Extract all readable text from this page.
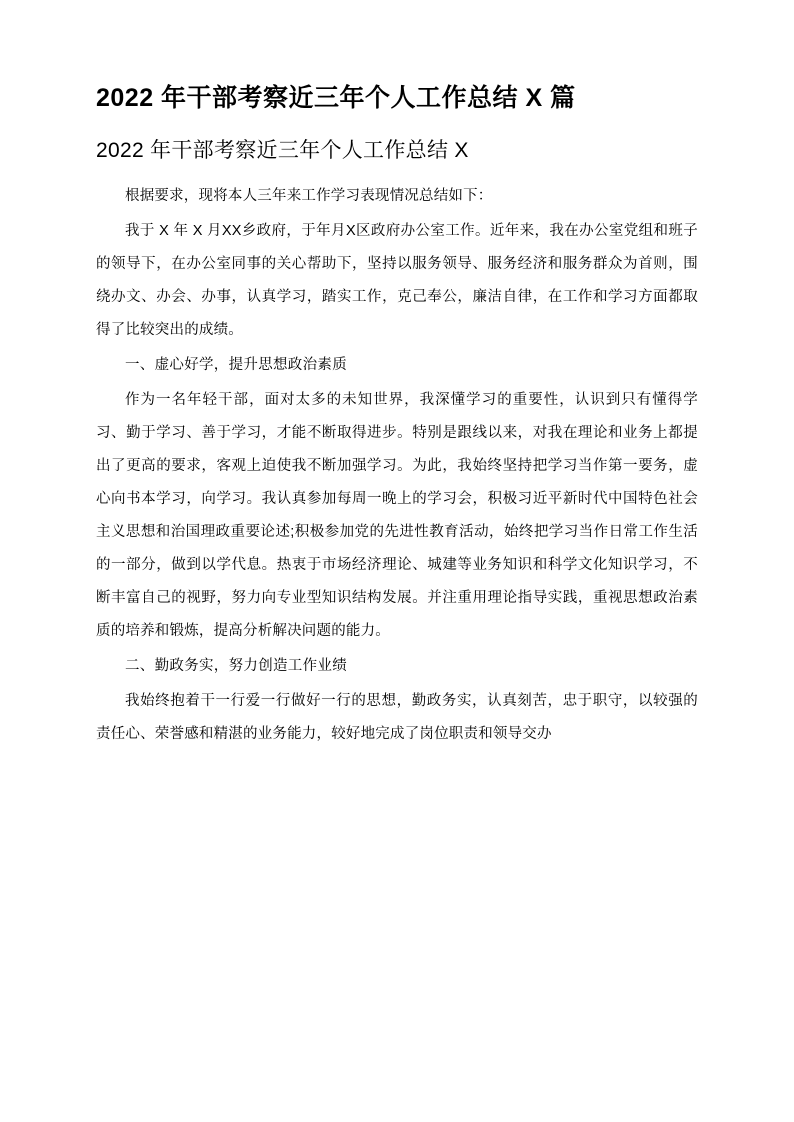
2022 年干部考察近三年个人工作总结 X 篇
2022 年干部考察近三年个人工作总结 X

根据要求，现将本人三年来工作学习表现情况总结如下：

我于 X 年 X 月XX乡政府，于年月X区政府办公室工作。近年来，我在办公室党组和班子的领导下，在办公室同事的关心帮助下，坚持以服务领导、服务经济和服务群众为首则，围绕办文、办会、办事，认真学习，踏实工作，克己奉公，廉洁自律，在工作和学习方面都取得了比较突出的成绩。

一、虚心好学，提升思想政治素质

作为一名年轻干部，面对太多的未知世界，我深懂学习的重要性，认识到只有懂得学习、勤于学习、善于学习，才能不断取得进步。特别是跟线以来，对我在理论和业务上都提出了更高的要求，客观上迫使我不断加强学习。为此，我始终坚持把学习当作第一要务，虚心向书本学习，向学习。我认真参加每周一晚上的学习会，积极习近平新时代中国特色社会主义思想和治国理政重要论述;积极参加党的先进性教育活动，始终把学习当作日常工作生活的一部分，做到以学代息。热衷于市场经济理论、城建等业务知识和科学文化知识学习，不断丰富自己的视野，努力向专业型知识结构发展。并注重用理论指导实践，重视思想政治素质的培养和锻炼，提高分析解决问题的能力。

二、勤政务实，努力创造工作业绩

我始终抱着干一行爱一行做好一行的思想，勤政务实，认真刻苦，忠于职守，以较强的责任心、荣誉感和精湛的业务能力，较好地完成了岗位职责和领导交办
